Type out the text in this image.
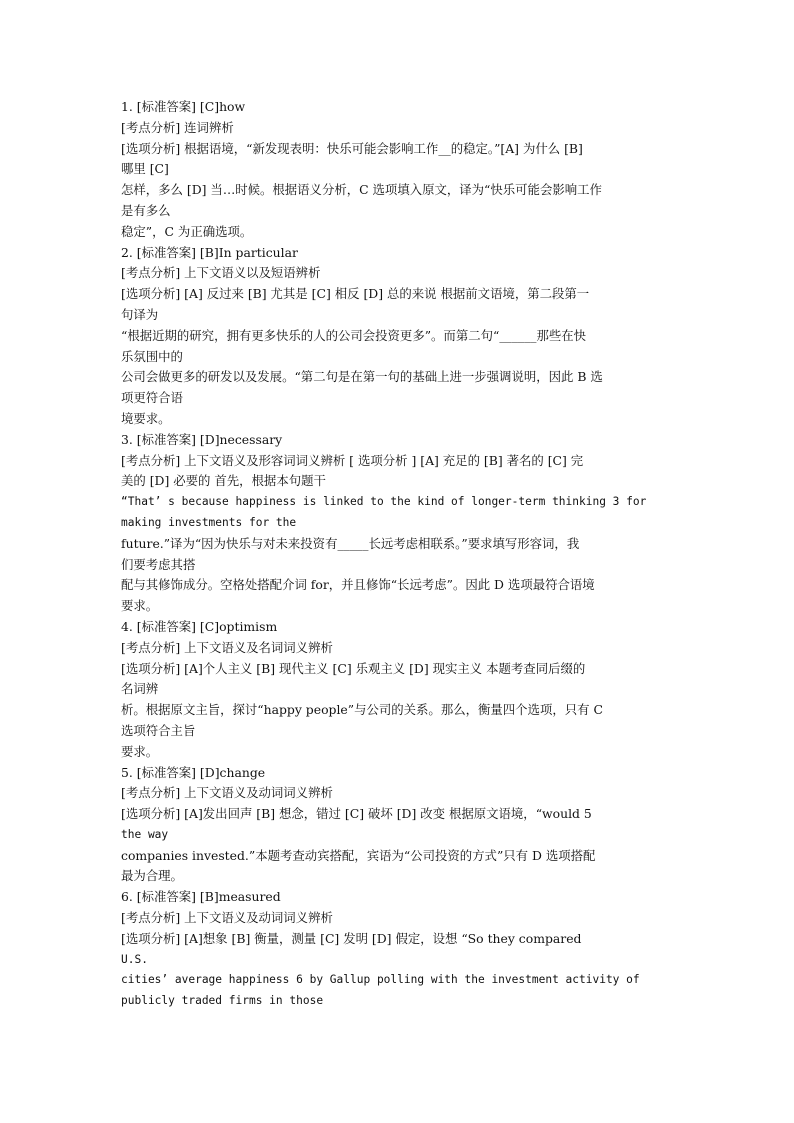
1. [标准答案] [C]how
[考点分析] 连词辨析
[选项分析] 根据语境，“新发现表明：快乐可能会影响工作__的稳定。”[A] 为什么 [B]
哪里 [C]
怎样，多么 [D] 当…时候。根据语义分析，C 选项填入原文，译为“快乐可能会影响工作
是有多么
稳定”，C 为正确选项。
2. [标准答案] [B]In particular
[考点分析] 上下文语义以及短语辨析
[选项分析] [A] 反过来 [B] 尤其是 [C] 相反 [D] 总的来说 根据前文语境，第二段第一
句译为
“根据近期的研究，拥有更多快乐的人的公司会投资更多”。而第二句“______那些在快
乐氛围中的
公司会做更多的研发以及发展。“第二句是在第一句的基础上进一步强调说明，因此 B 选
项更符合语
境要求。
3. [标准答案] [D]necessary
[考点分析] 上下文语义及形容词词义辨析 [ 选项分析 ] [A] 充足的 [B] 著名的 [C] 完
美的 [D] 必要的 首先，根据本句题干
“That’ s because happiness is linked to the kind of longer-term thinking 3 for
making investments for the
future.”译为“因为快乐与对未来投资有_____长远考虑相联系。”要求填写形容词，我
们要考虑其搭
配与其修饰成分。空格处搭配介词 for，并且修饰“长远考虑”。因此 D 选项最符合语境
要求。
4. [标准答案] [C]optimism
[考点分析] 上下文语义及名词词义辨析
[选项分析] [A]个人主义 [B] 现代主义 [C] 乐观主义 [D] 现实主义 本题考查同后缀的
名词辨
析。根据原文主旨，探讨“happy people”与公司的关系。那么，衡量四个选项，只有 C
选项符合主旨
要求。
5. [标准答案] [D]change
[考点分析] 上下文语义及动词词义辨析
[选项分析] [A]发出回声 [B] 想念，错过 [C] 破坏 [D] 改变 根据原文语境，“would 5
the way
companies invested.”本题考查动宾搭配，宾语为“公司投资的方式”只有 D 选项搭配
最为合理。
6. [标准答案] [B]measured
[考点分析] 上下文语义及动词词义辨析
[选项分析] [A]想象 [B] 衡量，测量 [C] 发明 [D] 假定，设想 “So they compared
U.S.
cities’ average happiness 6 by Gallup polling with the investment activity of
publicly traded firms in those
